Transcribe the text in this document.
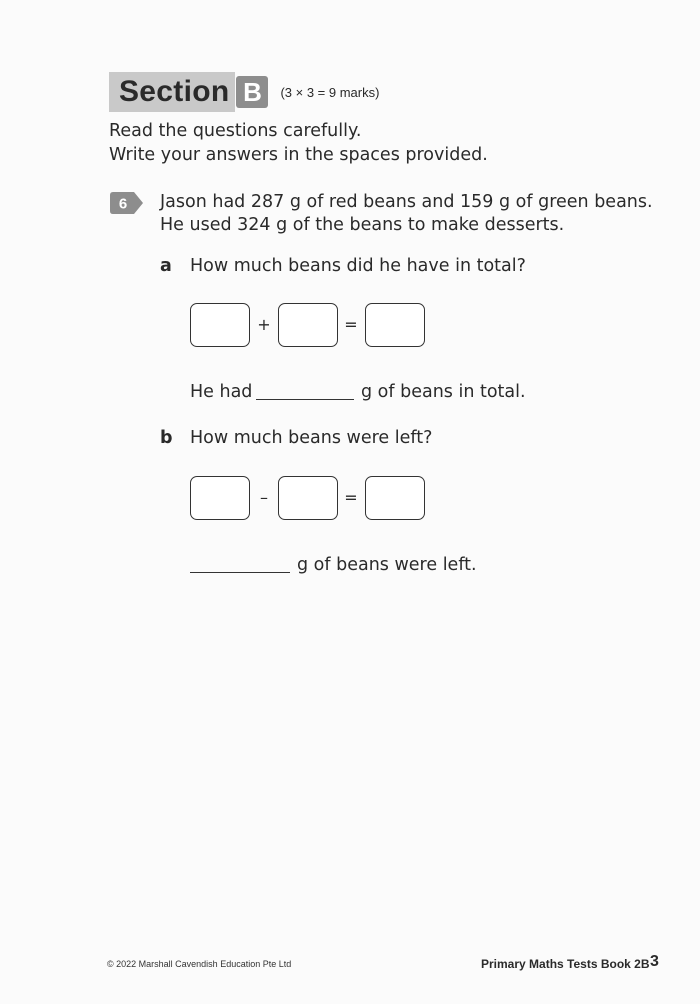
Section B	(3 × 3 = 9 marks)
Read the questions carefully.
Write your answers in the spaces provided.
6 Jason had 287 g of red beans and 159 g of green beans.
He used 324 g of the beans to make desserts.
a How much beans did he have in total?
+	=
He had	g of beans in total.
b How much beans were left?
–	=
g of beans were left.
© 2022 Marshall Cavendish Education Pte Ltd	Primary Maths Tests Book 2B 3
